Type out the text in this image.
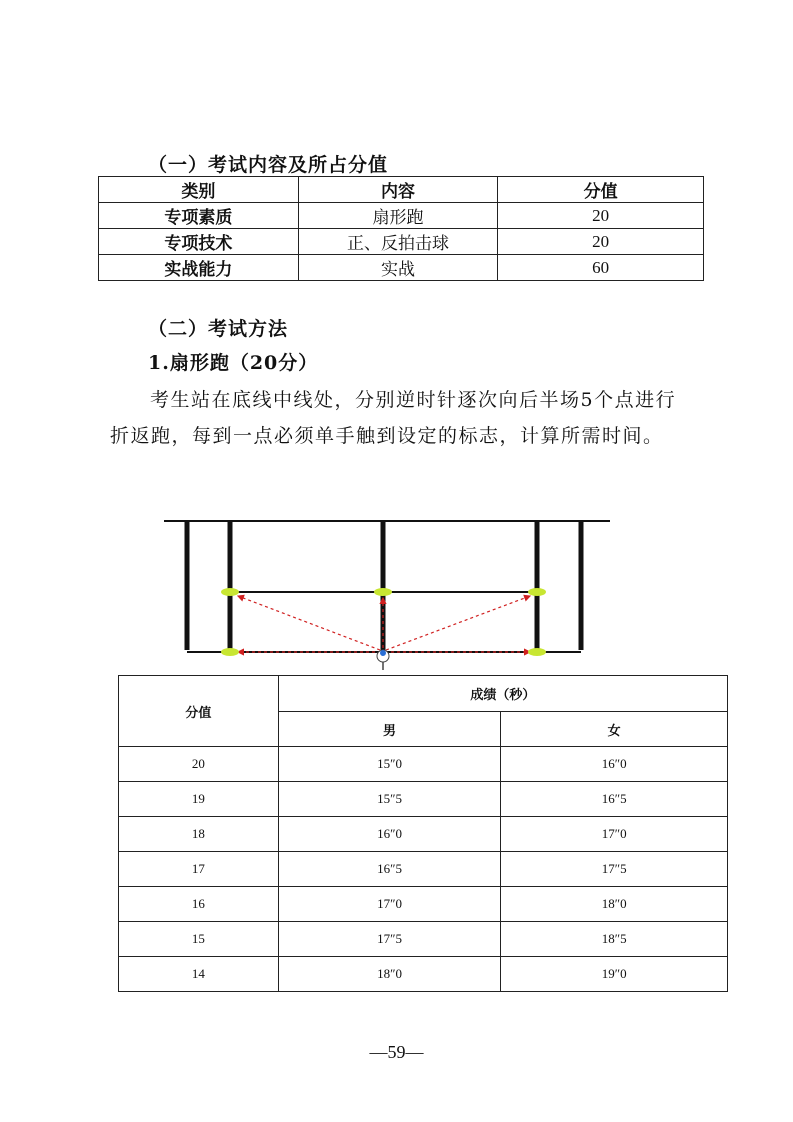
（一）考试内容及所占分值
类别	内容	分值
专项素质	扇形跑	20
专项技术	正、反拍击球	20
实战能力	实战	60
（二）考试方法
1.扇形跑（20分）
考生站在底线中线处，分别逆时针逐次向后半场5个点进行
折返跑，每到一点必须单手触到设定的标志，计算所需时间。
分值	成绩（秒）	
	男	女
20	15″0	16″0
19	15″5	16″5
18	16″0	17″0
17	16″5	17″5
16	17″0	18″0
15	17″5	18″5
14	18″0	19″0
—59—
